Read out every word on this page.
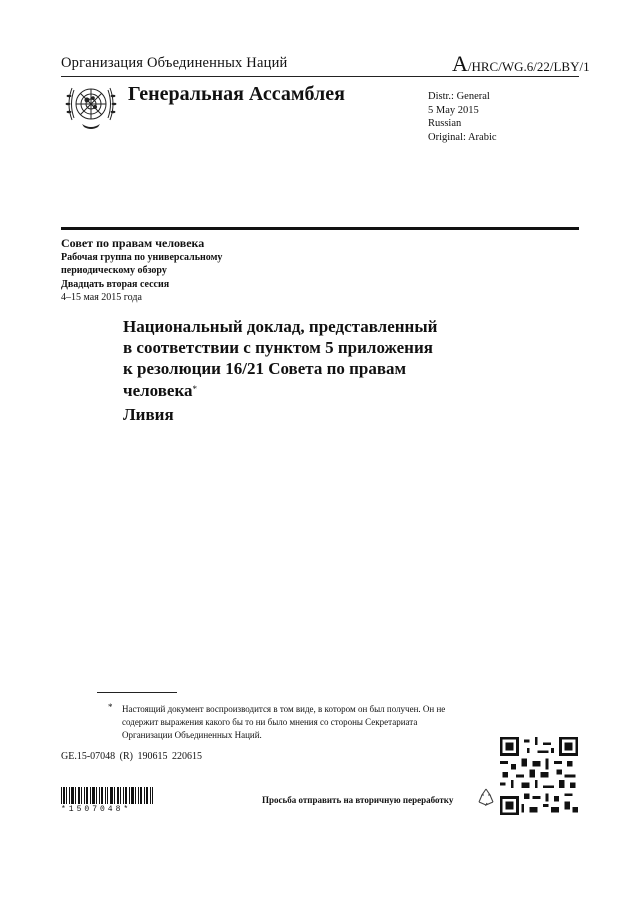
Организация Объединенных Наций	A/HRC/WG.6/22/LBY/1
Генеральная Ассамблея	Distr.: General
5 May 2015
Russian
Original: Arabic
Совет по правам человека
Рабочая группа по универсальному
периодическому обзору
Двадцать вторая сессия
4–15 мая 2015 года
Национальный доклад, представленный
в соответствии с пунктом 5 приложения
к резолюции 16/21 Совета по правам
человека*
Ливия
* Настоящий документ воспроизводится в том виде, в котором он был получен. Он не
содержит выражения какого бы то ни было мнения со стороны Секретариата
Организации Объединенных Наций.
GE.15-07048 (R) 190615 220615
*1507048*
Просьба отправить на вторичную переработку
